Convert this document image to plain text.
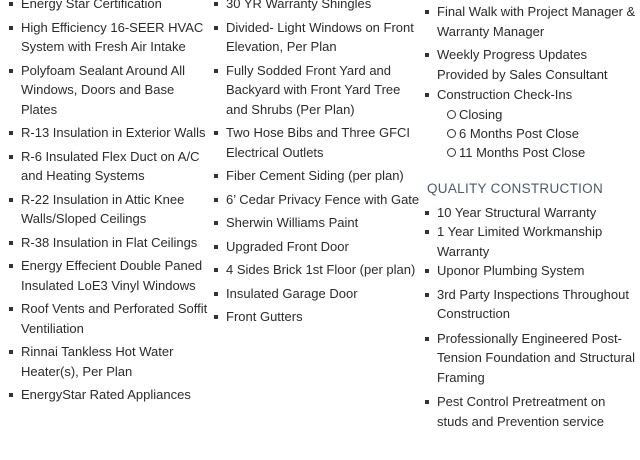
Energy Star Certification
High Efficiency 16-SEER HVAC System with Fresh Air Intake
Polyfoam Sealant Around All Windows, Doors and Base Plates
R-13 Insulation in Exterior Walls
R-6 Insulated Flex Duct on A/C and Heating Systems
R-22 Insulation in Attic Knee Walls/Sloped Ceilings
R-38 Insulation in Flat Ceilings
Energy Effecient Double Paned Insulated LoE3 Vinyl Windows
Roof Vents and Perforated Soffit Ventiliation
Rinnai Tankless Hot Water Heater(s), Per Plan
EnergyStar Rated Appliances
30 YR Warranty Shingles
Divided- Light Windows on Front Elevation, Per Plan
Fully Sodded Front Yard and Backyard with Front Yard Tree and Shrubs (Per Plan)
Two Hose Bibs and Three GFCI Electrical Outlets
Fiber Cement Siding (per plan)
6’ Cedar Privacy Fence with Gate
Sherwin Williams Paint
Upgraded Front Door
4 Sides Brick 1st Floor (per plan)
Insulated Garage Door
Front Gutters
Final Walk with Project Manager & Warranty Manager
Weekly Progress Updates Provided by Sales Consultant
Construction Check-Ins
Closing
6 Months Post Close
11 Months Post Close
QUALITY CONSTRUCTION
10 Year Structural Warranty
1 Year Limited Workmanship Warranty
Uponor Plumbing System
3rd Party Inspections Throughout Construction
Professionally Engineered Post-Tension Foundation and Structural Framing
Pest Control Pretreatment on studs and Prevention service
